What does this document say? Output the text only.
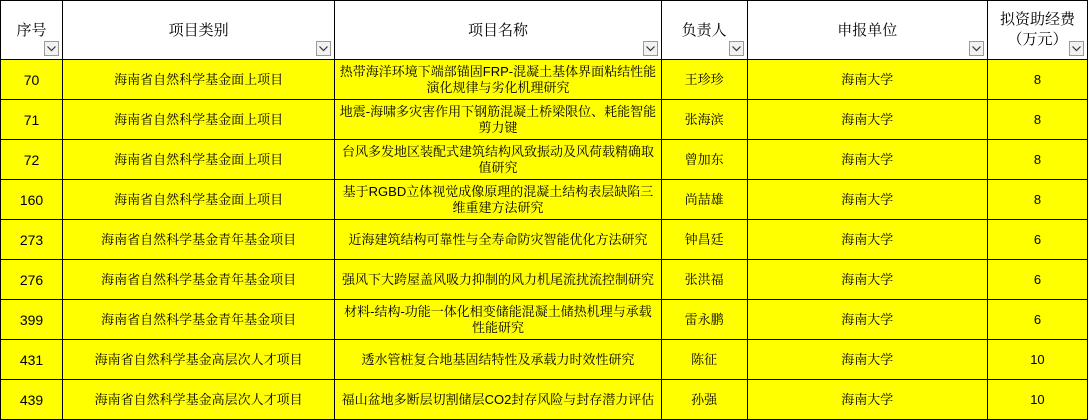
序号	项目类别	项目名称	负责人	申报单位	拟资助经费（万元）

70	海南省自然科学基金面上项目	热带海洋环境下端部锚固FRP-混凝土基体界面粘结性能演化规律与劣化机理研究	王珍珍	海南大学	8

71	海南省自然科学基金面上项目	地震-海啸多灾害作用下钢筋混凝土桥梁限位、耗能智能剪力键	张海滨	海南大学	8

72	海南省自然科学基金面上项目	台风多发地区装配式建筑结构风致振动及风荷载精确取值研究	曾加东	海南大学	8

160	海南省自然科学基金面上项目	基于RGBD立体视觉成像原理的混凝土结构表层缺陷三维重建方法研究	尚喆雄	海南大学	8

273	海南省自然科学基金青年基金项目	近海建筑结构可靠性与全寿命防灾智能优化方法研究	钟昌廷	海南大学	6

276	海南省自然科学基金青年基金项目	强风下大跨屋盖风吸力抑制的风力机尾流扰流控制研究	张洪福	海南大学	6

399	海南省自然科学基金青年基金项目	材料-结构-功能一体化相变储能混凝土储热机理与承载性能研究	雷永鹏	海南大学	6

431	海南省自然科学基金高层次人才项目	透水管桩复合地基固结特性及承载力时效性研究	陈征	海南大学	10

439	海南省自然科学基金高层次人才项目	福山盆地多断层切割储层CO2封存风险与封存潜力评估	孙强	海南大学	10
